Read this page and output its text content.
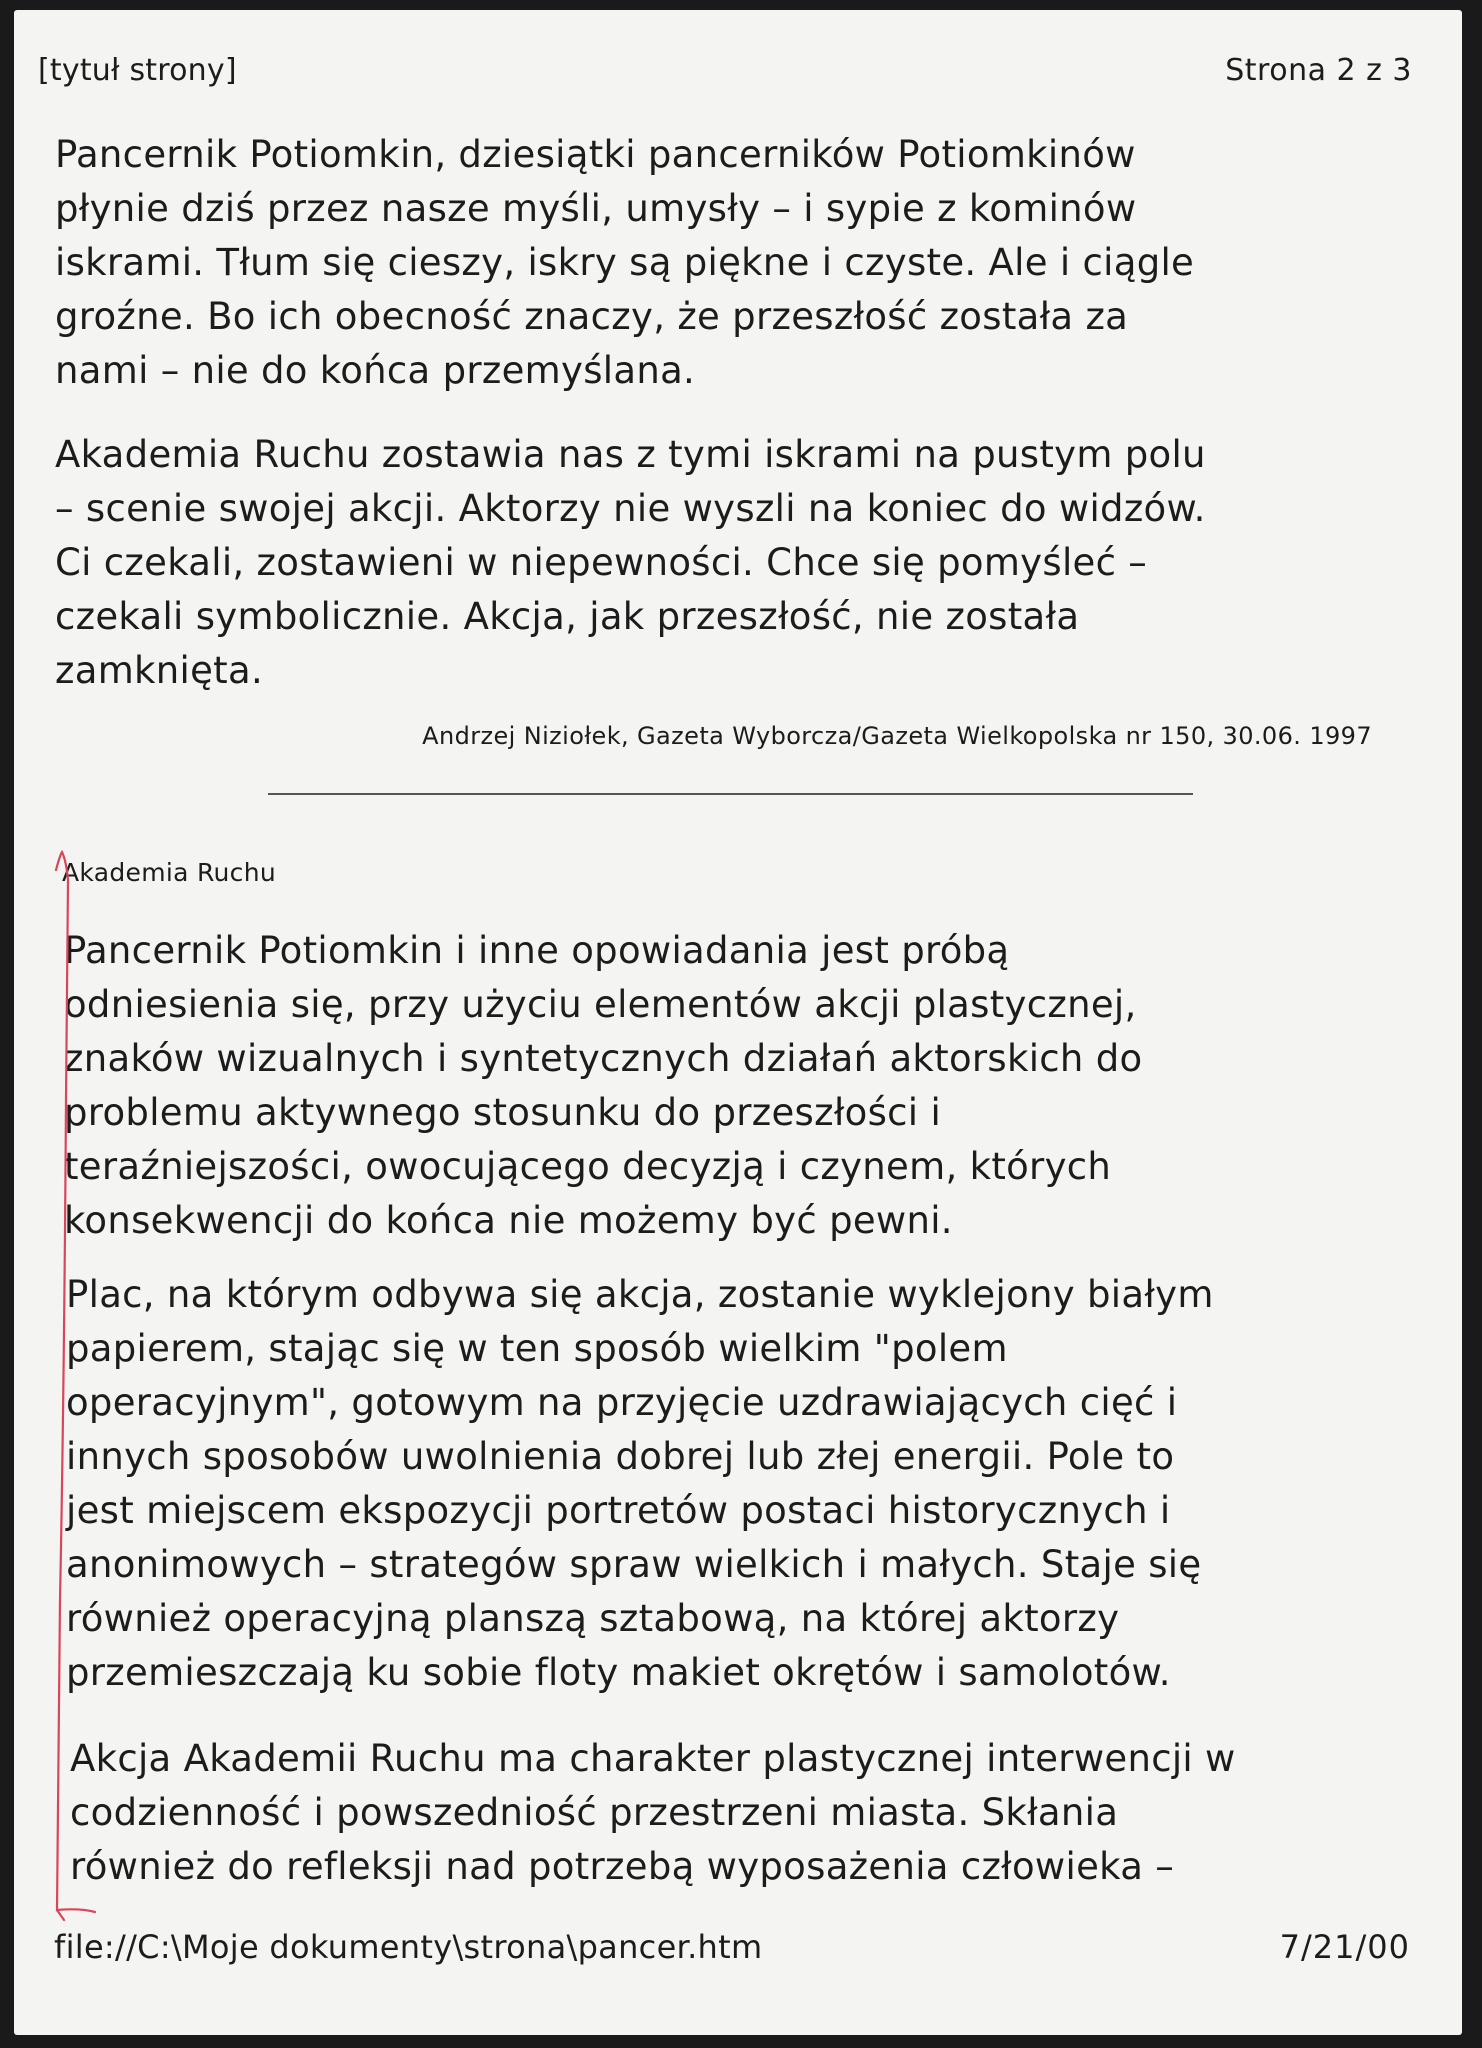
[tytuł strony]	Strona 2 z 3

Pancernik Potiomkin, dziesiątki pancerników Potiomkinów
płynie dziś przez nasze myśli, umysły – i sypie z kominów
iskrami. Tłum się cieszy, iskry są piękne i czyste. Ale i ciągle
groźne. Bo ich obecność znaczy, że przeszłość została za
nami – nie do końca przemyślana.

Akademia Ruchu zostawia nas z tymi iskrami na pustym polu
– scenie swojej akcji. Aktorzy nie wyszli na koniec do widzów.
Ci czekali, zostawieni w niepewności. Chce się pomyśleć –
czekali symbolicznie. Akcja, jak przeszłość, nie została
zamknięta.

Andrzej Niziołek, Gazeta Wyborcza/Gazeta Wielkopolska nr 150, 30.06. 1997
Akademia Ruchu

Pancernik Potiomkin i inne opowiadania jest próbą
odniesienia się, przy użyciu elementów akcji plastycznej,
znaków wizualnych i syntetycznych działań aktorskich do
problemu aktywnego stosunku do przeszłości i
teraźniejszości, owocującego decyzją i czynem, których
konsekwencji do końca nie możemy być pewni.

Plac, na którym odbywa się akcja, zostanie wyklejony białym
papierem, stając się w ten sposób wielkim "polem
operacyjnym", gotowym na przyjęcie uzdrawiających cięć i
innych sposobów uwolnienia dobrej lub złej energii. Pole to
jest miejscem ekspozycji portretów postaci historycznych i
anonimowych – strategów spraw wielkich i małych. Staje się
również operacyjną planszą sztabową, na której aktorzy
przemieszczają ku sobie floty makiet okrętów i samolotów.

Akcja Akademii Ruchu ma charakter plastycznej interwencji w
codzienność i powszedniość przestrzeni miasta. Skłania
również do refleksji nad potrzebą wyposażenia człowieka –

file://C:\Moje dokumenty\strona\pancer.htm	7/21/00
